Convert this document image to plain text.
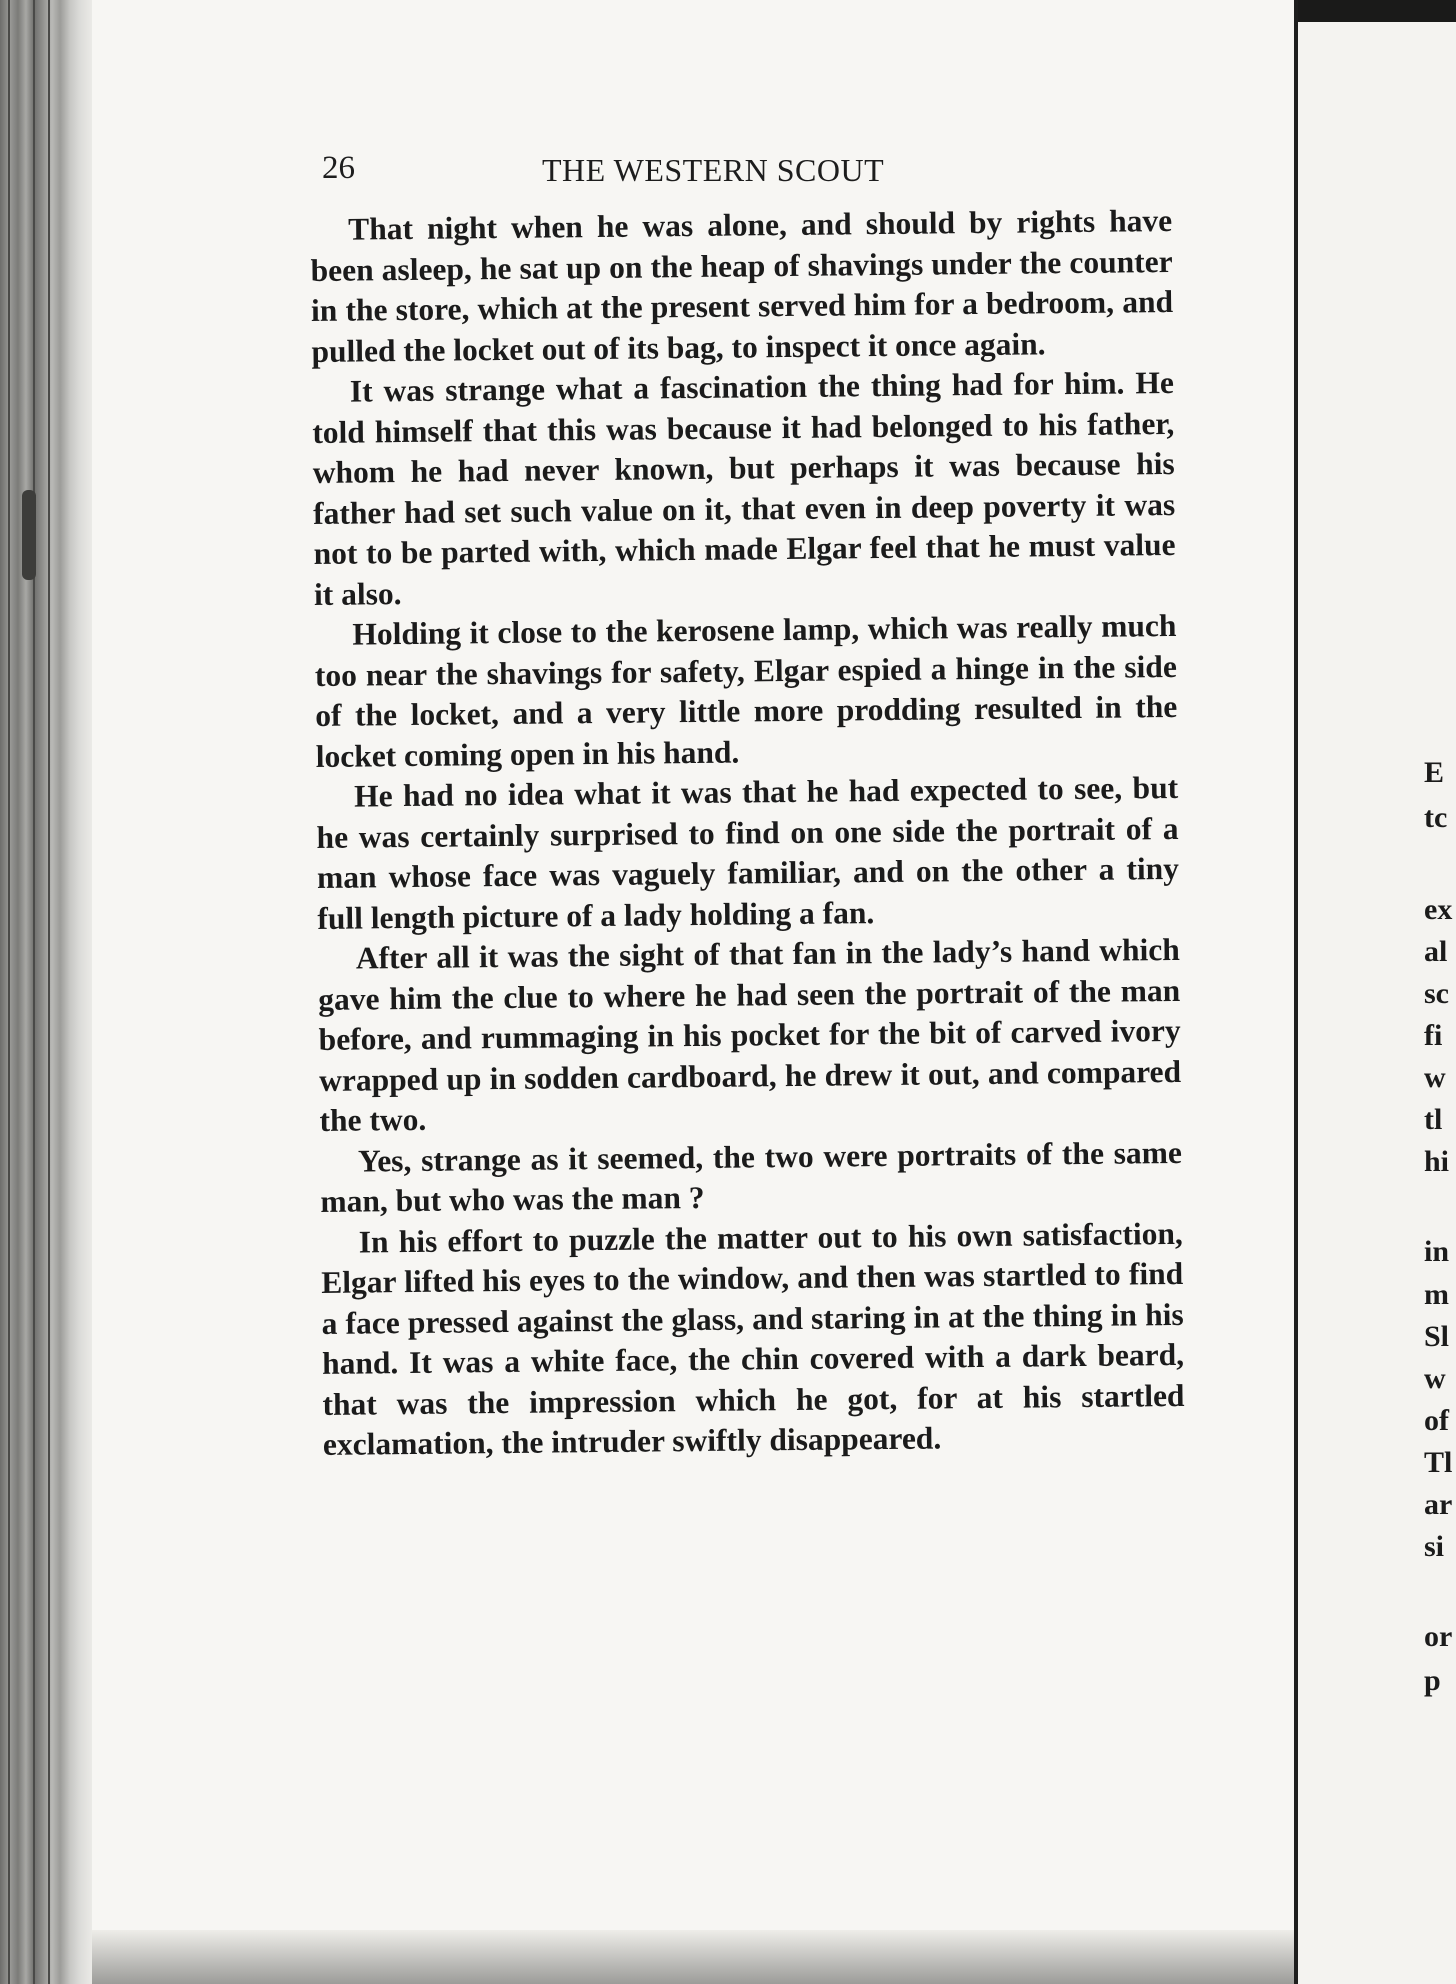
26	THE WESTERN SCOUT

That night when he was alone, and should by rights have been asleep, he sat up on the heap of shavings under the counter in the store, which at the present served him for a bedroom, and pulled the locket out of its bag, to inspect it once again.

It was strange what a fascination the thing had for him. He told himself that this was because it had belonged to his father, whom he had never known, but perhaps it was because his father had set such value on it, that even in deep poverty it was not to be parted with, which made Elgar feel that he must value it also.

Holding it close to the kerosene lamp, which was really much too near the shavings for safety, Elgar espied a hinge in the side of the locket, and a very little more prodding resulted in the locket coming open in his hand.

He had no idea what it was that he had expected to see, but he was certainly surprised to find on one side the portrait of a man whose face was vaguely familiar, and on the other a tiny full length picture of a lady holding a fan.

After all it was the sight of that fan in the lady’s hand which gave him the clue to where he had seen the portrait of the man before, and rummaging in his pocket for the bit of carved ivory wrapped up in sodden cardboard, he drew it out, and compared the two.

Yes, strange as it seemed, the two were portraits of the same man, but who was the man ?

In his effort to puzzle the matter out to his own satisfaction, Elgar lifted his eyes to the window, and then was startled to find a face pressed against the glass, and staring in at the thing in his hand. It was a white face, the chin covered with a dark beard, that was the impression which he got, for at his startled exclamation, the intruder swiftly disappeared.

E
tc
ex
al
sc
fi
w
tl
hi
in
m
Sl
w
of
Tl
ar
si
or
p
